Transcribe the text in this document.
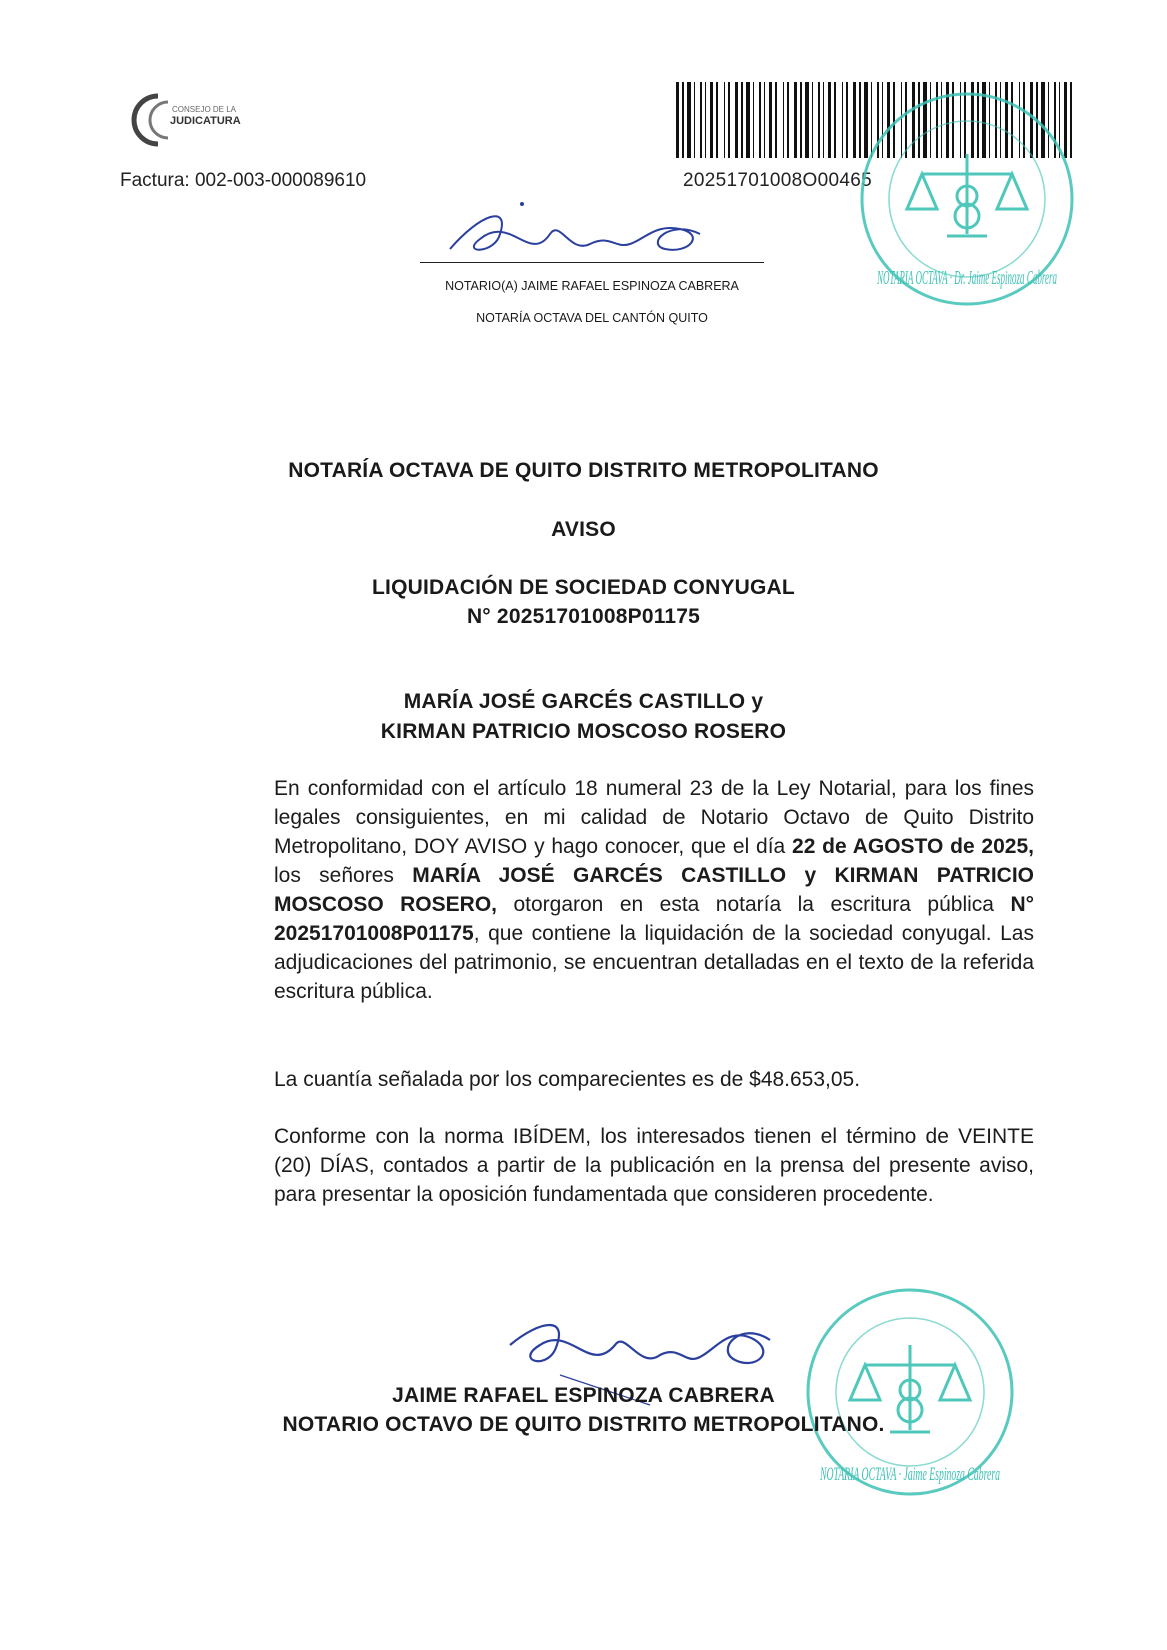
CONSEJO DE LA
JUDICATURA
Factura: 002-003-000089610	20251701008O00465
NOTARIO(A) JAIME RAFAEL ESPINOZA CABRERA
NOTARÍA OCTAVA DEL CANTÓN QUITO
NOTARIA OCTAVA · Dr. Jaime Espinoza Cabrera
NOTARÍA OCTAVA DE QUITO DISTRITO METROPOLITANO
AVISO
LIQUIDACIÓN DE SOCIEDAD CONYUGAL
N° 20251701008P01175
MARÍA JOSÉ GARCÉS CASTILLO y
KIRMAN PATRICIO MOSCOSO ROSERO

En conformidad con el artículo 18 numeral 23 de la Ley Notarial, para los fines legales consiguientes, en mi calidad de Notario Octavo de Quito Distrito Metropolitano, DOY AVISO y hago conocer, que el día 22 de AGOSTO de 2025, los señores MARÍA JOSÉ GARCÉS CASTILLO y KIRMAN PATRICIO MOSCOSO ROSERO, otorgaron en esta notaría la escritura pública N° 20251701008P01175, que contiene la liquidación de la sociedad conyugal. Las adjudicaciones del patrimonio, se encuentran detalladas en el texto de la referida escritura pública.

La cuantía señalada por los comparecientes es de $48.653,05.

Conforme con la norma IBÍDEM, los interesados tienen el término de VEINTE (20) DÍAS, contados a partir de la publicación en la prensa del presente aviso, para presentar la oposición fundamentada que consideren procedente.

NOTARIA OCTAVA · Jaime Espinoza Cabrera
JAIME RAFAEL ESPINOZA CABRERA
NOTARIO OCTAVO DE QUITO DISTRITO METROPOLITANO.
